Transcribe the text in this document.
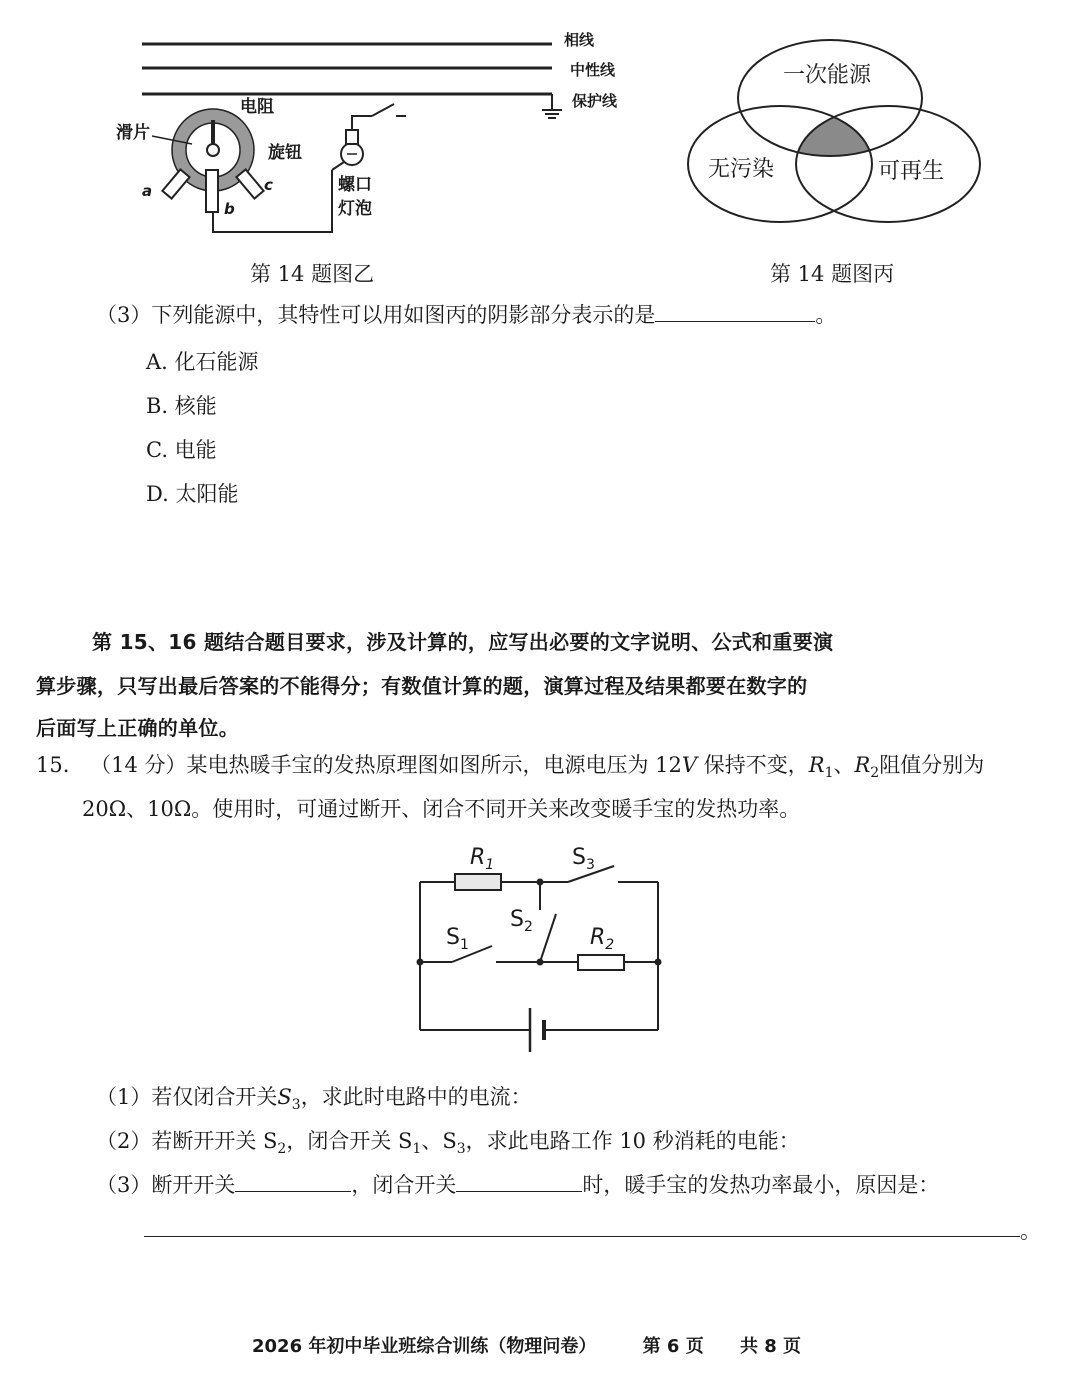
相线
中性线
保护线
电阻
滑片
旋钮
a
b
c	螺口
灯泡
第 14 题图乙
一次能源
无污染	可再生
第 14 题图丙
（3）下列能源中，其特性可以用如图丙的阴影部分表示的是	。
A. 化石能源
B. 核能
C. 电能
D. 太阳能
第 15、16 题结合题目要求，涉及计算的，应写出必要的文字说明、公式和重要演
算步骤，只写出最后答案的不能得分；有数值计算的题，演算过程及结果都要在数字的
后面写上正确的单位。
15. （14 分）某电热暖手宝的发热原理图如图所示，电源电压为 12V 保持不变，$R_1$、$R_2$阻值分别为
20Ω、10Ω。使用时，可通过断开、闭合不同开关来改变暖手宝的发热功率。
$R_1$	$S_3$
$S_2$
$S_1$	$R_2$
（1）若仅闭合开关$S_3$，求此时电路中的电流：
（2）若断开开关 $S_2$，闭合开关 $S_1$、$S_3$，求此电路工作 10 秒消耗的电能：
（3）断开开关	，闭合开关	时，暖手宝的发热功率最小，原因是：
。
2026 年初中毕业班综合训练（物理问卷）	第 6 页 共 8 页
